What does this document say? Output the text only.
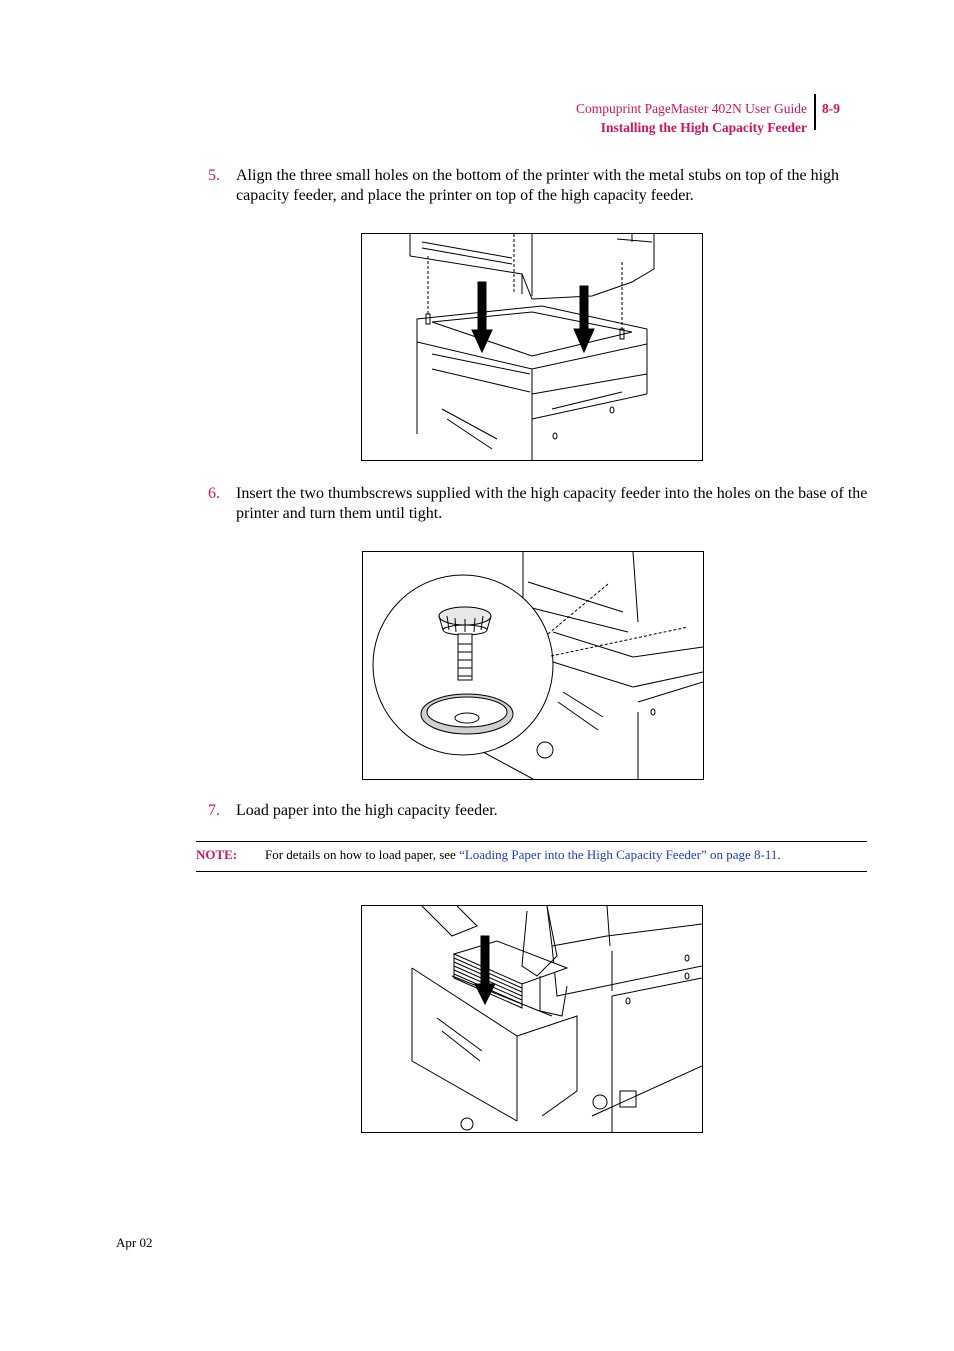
Compuprint PageMaster 402N User Guide
Installing the High Capacity Feeder
8-9
5. Align the three small holes on the bottom of the printer with the metal stubs on top of the high capacity feeder, and place the printer on top of the high capacity feeder.
6. Insert the two thumbscrews supplied with the high capacity feeder into the holes on the base of the printer and turn them until tight.
7. Load paper into the high capacity feeder.
NOTE: For details on how to load paper, see “Loading Paper into the High Capacity Feeder” on page 8-11.
Apr 02
